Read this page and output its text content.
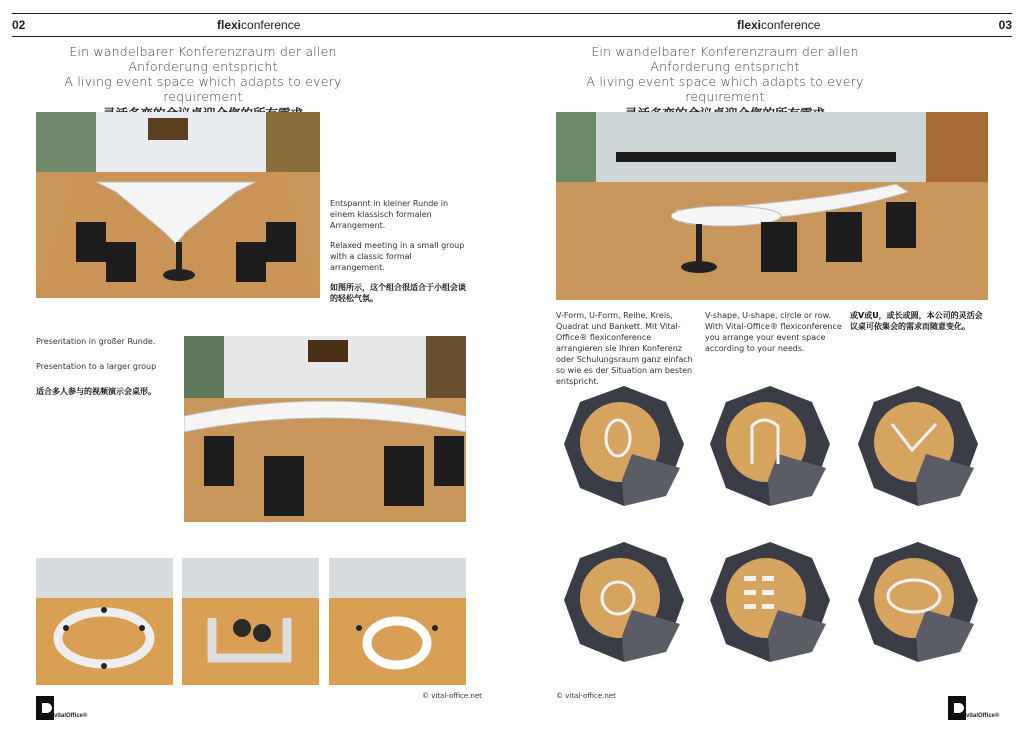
02	flexiconference	flexiconference	03
Ein wandelbarer Konferenzraum der allen Anforderung entspricht
A living event space which adapts to every requirement
Ein wandelbarer Konferenzraum der allen Anforderung entspricht
A living event space which adapts to every requirement

Entspannt in kleiner Runde in einem klassisch formalen Arrangement.

Relaxed meeting in a small group with a classic formal arrangement.

如图所示，这个组合很适合于小组会谈的轻松气氛。

Presentation in großer Runde.

Presentation to a larger group

适合多人参与的视频演示会桌形。

© vital-office.net
vitalOffice®
V-Form, U-Form, Reihe, Kreis, Quadrat und Bankett. Mit Vital-Office® flexiconference arrangieren sie Ihren Konferenz oder Schulungsraum ganz einfach so wie es der Situation am besten entspricht.
V-shape, U-shape, circle or row. With Vital-Office® flexiconference you arrange your event space according to your needs.
或V或U，或长或圆，本公司的灵活会议桌可依集会的需求而随意变化。
© vital-office.net
vitalOffice®
